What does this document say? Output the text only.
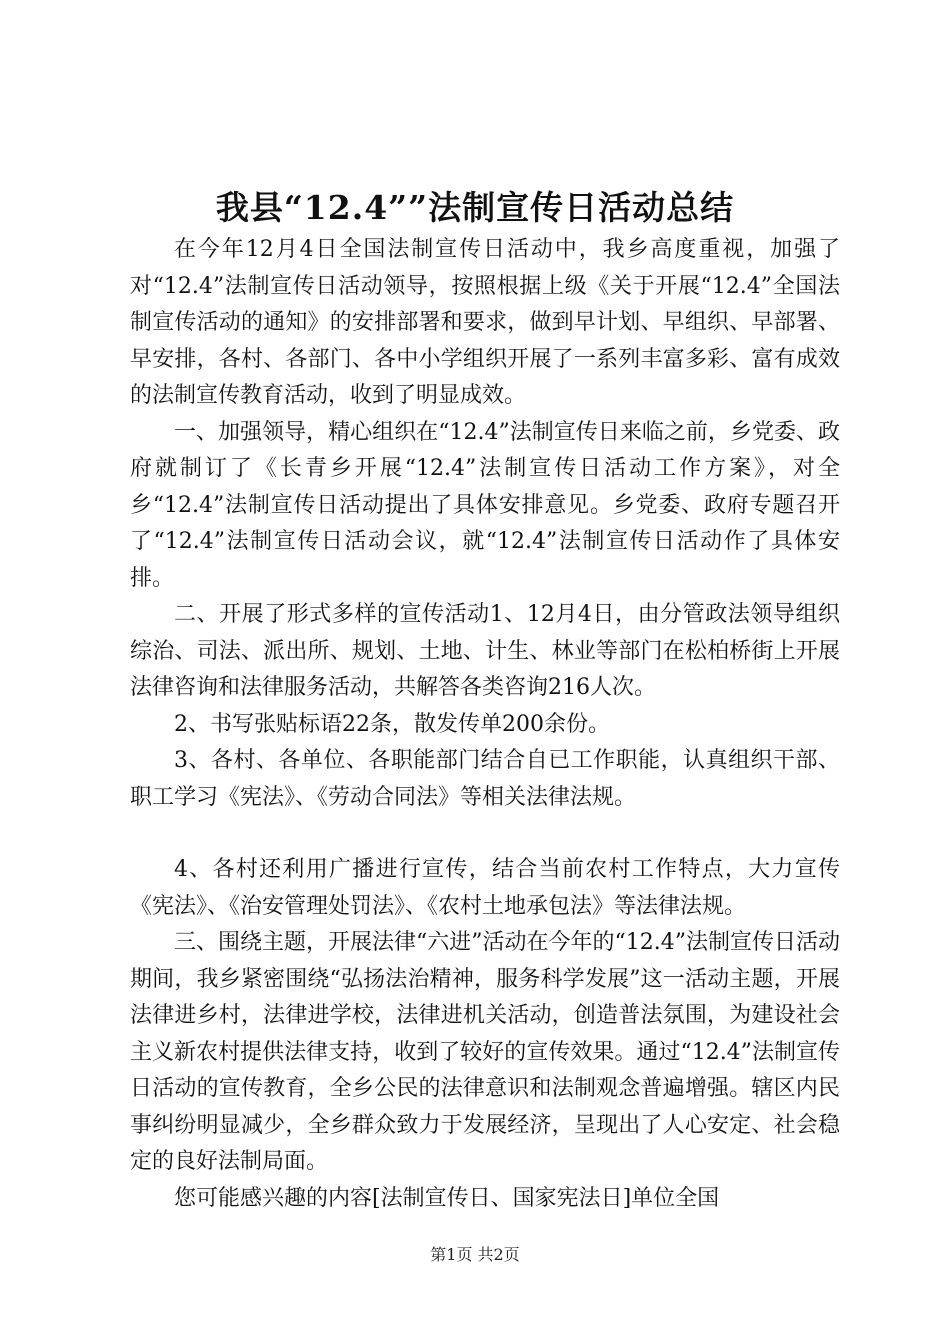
我县“12.4””法制宣传日活动总结

在今年12月4日全国法制宣传日活动中，我乡高度重视，加强了对“12.4”法制宣传日活动领导，按照根据上级《关于开展“12.4”全国法制宣传活动的通知》的安排部署和要求，做到早计划、早组织、早部署、早安排，各村、各部门、各中小学组织开展了一系列丰富多彩、富有成效的法制宣传教育活动，收到了明显成效。

一、加强领导，精心组织在“12.4”法制宣传日来临之前，乡党委、政府就制订了《长青乡开展“12.4”法制宣传日活动工作方案》，对全乡“12.4”法制宣传日活动提出了具体安排意见。乡党委、政府专题召开了“12.4”法制宣传日活动会议，就“12.4”法制宣传日活动作了具体安排。

二、开展了形式多样的宣传活动1、12月4日，由分管政法领导组织综治、司法、派出所、规划、土地、计生、林业等部门在松柏桥街上开展法律咨询和法律服务活动，共解答各类咨询216人次。

2、书写张贴标语22条，散发传单200余份。

3、各村、各单位、各职能部门结合自已工作职能，认真组织干部、职工学习《宪法》、《劳动合同法》等相关法律法规。

4、各村还利用广播进行宣传，结合当前农村工作特点，大力宣传《宪法》、《治安管理处罚法》、《农村土地承包法》等法律法规。

三、围绕主题，开展法律“六进”活动在今年的“12.4”法制宣传日活动期间，我乡紧密围绕“弘扬法治精神，服务科学发展”这一活动主题，开展法律进乡村，法律进学校，法律进机关活动，创造普法氛围，为建设社会主义新农村提供法律支持，收到了较好的宣传效果。通过“12.4”法制宣传日活动的宣传教育，全乡公民的法律意识和法制观念普遍增强。辖区内民事纠纷明显减少，全乡群众致力于发展经济，呈现出了人心安定、社会稳定的良好法制局面。

您可能感兴趣的内容[法制宣传日、国家宪法日]单位全国

第1页 共2页
